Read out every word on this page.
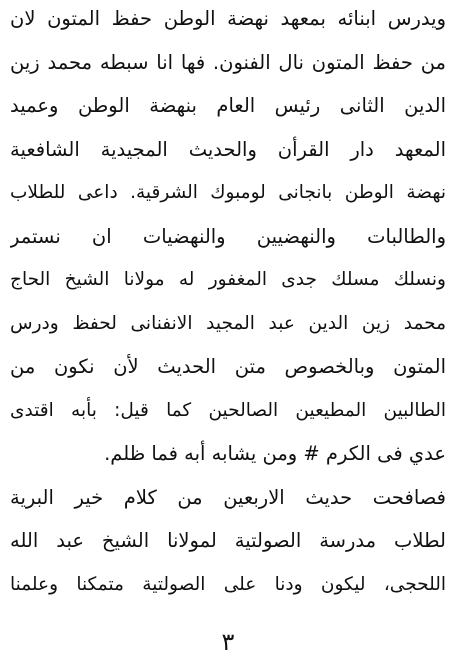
ويدرس ابنائه بمعهد نهضة الوطن حفظ المتون لان
من حفظ المتون نال الفنون. فها انا سبطه محمد زين
الدين الثانى رئيس العام بنهضة الوطن وعميد
المعهد دار القرأن والحديث المجيدية الشافعية
نهضة الوطن بانجانى لومبوك الشرقية. داعى للطلاب
والطالبات والنهضيين والنهضيات ان نستمر
ونسلك مسلك جدى المغفور له مولانا الشيخ الحاج
محمد زين الدين عبد المجيد الانفنانى لحفظ ودرس
المتون وبالخصوص متن الحديث لأن نكون من
الطالبين المطيعين الصالحين كما قيل: بأبه اقتدى
عدي فى الكرم # ومن يشابه أبه فما ظلم.
فصافحت حديث الاربعين من كلام خير البرية
لطلاب مدرسة الصولتية لمولانا الشيخ عبد الله
اللحجى، ليكون ودنا على الصولتية متمكنا وعلمنا
٣
